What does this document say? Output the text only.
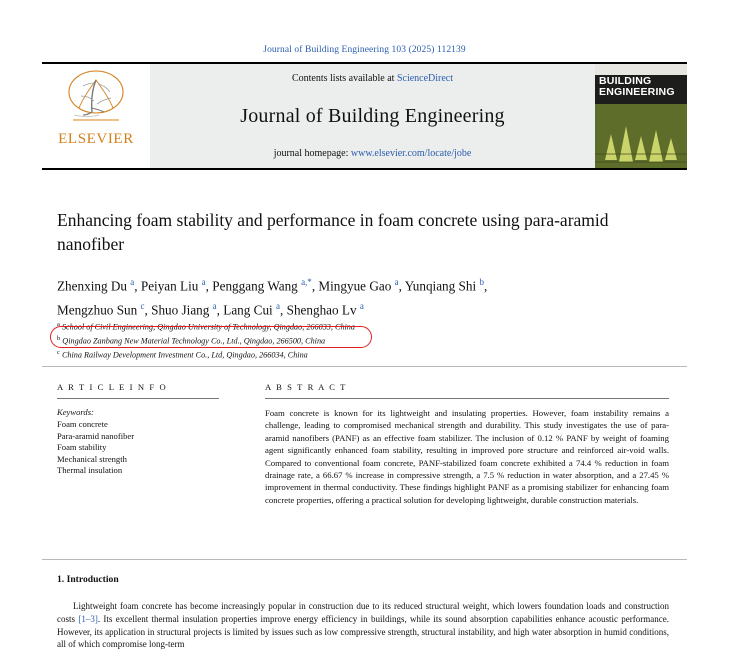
Journal of Building Engineering 103 (2025) 112139
ELSEVIER
Contents lists available at ScienceDirect
Journal of Building Engineering
journal homepage: www.elsevier.com/locate/jobe
BUILDING
ENGINEERING
Enhancing foam stability and performance in foam concrete using para-aramid nanofiber
Zhenxing Du $^a$, Peiyan Liu $^a$, Penggang Wang $^{a,*}$, Mingyue Gao $^a$, Yunqiang Shi $^b$,
Mengzhuo Sun $^c$, Shuo Jiang $^a$, Lang Cui $^a$, Shenghao Lv $^a$
$^a$ School of Civil Engineering, Qingdao University of Technology, Qingdao, 266033, China
$^b$ Qingdao Zanbang New Material Technology Co., Ltd., Qingdao, 266500, China
$^c$ China Railway Development Investment Co., Ltd, Qingdao, 266034, China
A R T I C L E I N F O
Keywords:
Foam concrete
Para-aramid nanofiber
Foam stability
Mechanical strength
Thermal insulation
A B S T R A C T
Foam concrete is known for its lightweight and insulating properties. However, foam instability remains a challenge, leading to compromised mechanical strength and durability. This study investigates the use of para-aramid nanofibers (PANF) as an effective foam stabilizer. The inclusion of 0.12 % PANF by weight of foaming agent significantly enhanced foam stability, resulting in improved pore structure and reinforced air-void walls. Compared to conventional foam concrete, PANF-stabilized foam concrete exhibited a 74.4 % reduction in foam drainage rate, a 66.67 % increase in compressive strength, a 7.5 % reduction in water absorption, and a 27.45 % improvement in thermal conductivity. These findings highlight PANF as a promising stabilizer for enhancing foam concrete properties, offering a practical solution for developing lightweight, durable construction materials.
1. Introduction
Lightweight foam concrete has become increasingly popular in construction due to its reduced structural weight, which lowers foundation loads and construction costs [1–3]. Its excellent thermal insulation properties improve energy efficiency in buildings, while its sound absorption capabilities enhance acoustic performance. However, its application in structural projects is limited by issues such as low compressive strength, structural instability, and high water absorption in humid conditions, all of which compromise long-term
